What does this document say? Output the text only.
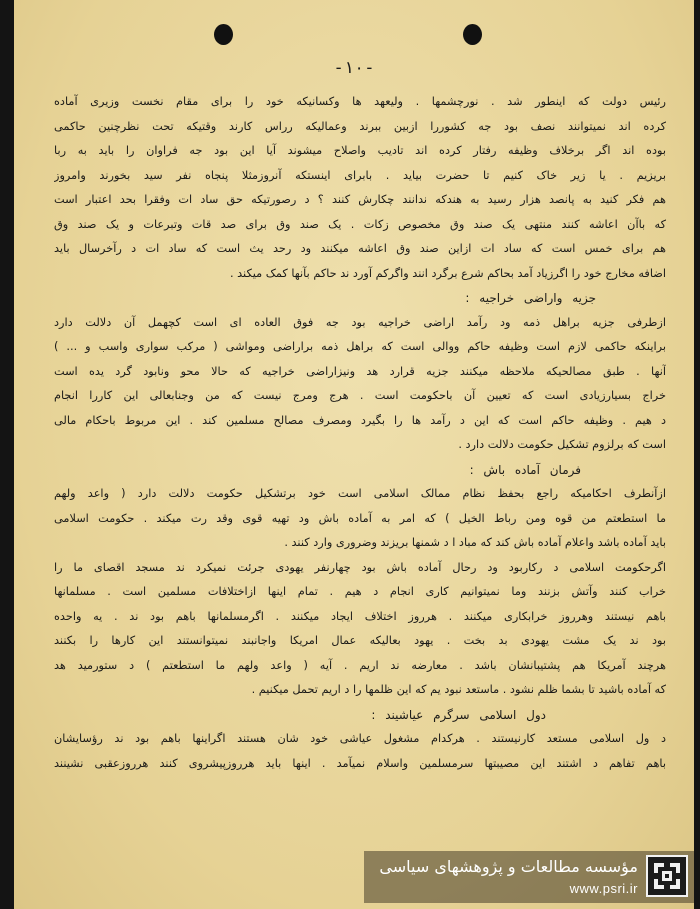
-۱۰-
رئیس دولت که اینطور شد . نورچشمها . ولیعهد ها وکسانیکه خود را برای مقام نخست وزیری آماده
کرده اند نمیتوانند نصف بود جه کشوررا ازبین ببرند وعمالیکه رراس کارند وقتیکه تحت نظرچنین حاکمی
بوده اند اگر برخلاف وظیفه رفتار کرده اند تادیب واصلاح میشوند آیا این بود جه فراوان را باید به ربا
بریزیم . یا زیر خاک کنیم تا حضرت بیاید . بابرای اینستکه آنروزمثلا پنجاه نفر سید بخورند وامروز
هم فکر کنید به پانصد هزار رسید به هندکه ندانند چکارش کنند ؟ د رصورتیکه حق ساد ات وفقرا بحد اعتبار است
که باآن اعاشه کنند منتهی یک صند وق مخصوص زکات . یک صند وق برای صد قات وتبرعات و یک صند وق
هم برای خمس است که ساد ات ازاین صند وق اعاشه میکنند ود رحد یث است که ساد ات د رآخرسال باید
اضافه مخارج خود را اگرزیاد آمد بحاکم شرع برگرد انند واگرکم آورد ند حاکم بآنها کمک میکند .
جزیه واراضی خراجیه :
ازطرفی جزیه براهل ذمه ود رآمد اراضی خراجیه بود جه فوق العاده ای است کچهمل آن دلالت دارد
براینکه حاکمی لازم است وظیفه حاکم ووالی است که براهل ذمه براراضی ومواشی ( مرکب سواری واسب و ... )
آنها . طبق مصالحیکه ملاحظه میکنند جزیه قرارد هد ونیزاراضی خراجیه که حالا محو ونابود گرد یده است
خراج بسیارزیادی است که تعیین آن باحکومت است . هرج ومرج نیست که من وجنابعالی این کاررا انجام
د هیم . وظیفه حاکم است که این د رآمد ها را بگیرد ومصرف مصالح مسلمین کند . این مربوط باحکام مالی
است که برلزوم تشکیل حکومت دلالت دارد .
فرمان آماده باش :
ازآنطرف احکامیکه راجع بحفظ نظام ممالک اسلامی است خود برتشکیل حکومت دلالت دارد ( واعد ولهم
ما استطعتم من قوه ومن رباط الخیل ) که امر به آماده باش ود تهیه قوی وقد رت میکند . حکومت اسلامی
باید آماده باشد واعلام آماده باش کند که مباد ا د شمنها بریزند وضروری وارد کنند .
اگرحکومت اسلامی د رکاربود ود رحال آماده باش بود چهارنفر یهودی جرئت نمیکرد ند مسجد اقصای ما را
خراب کنند وآتش بزنند وما نمیتوانیم کاری انجام د هیم . تمام اینها ازاختلافات مسلمین است . مسلمانها
باهم نیستند وهرروز خرابکاری میکنند . هرروز اختلاف ایجاد میکنند . اگرمسلمانها باهم بود ند . یه واحده
بود ند یک مشت یهودی بد بخت . یهود بعالیکه عمال امریکا واجانبند نمیتوانستند این کارها را بکنند
هرچند آمریکا هم پشتیبانشان باشد . معارضه ند اریم . آیه ( واعد ولهم ما استطعتم ) د ستورمید هد
که آماده باشید تا بشما ظلم نشود . ماستعد نبود یم که این ظلمها را د اریم تحمل میکنیم .
دول اسلامی سرگرم عیاشیند :
د ول اسلامی مستعد کارنیستند . هرکدام مشغول عیاشی خود شان هستند اگراینها باهم بود ند رؤسایشان
باهم تفاهم د اشتند این مصیبتها سرمسلمین واسلام نمیآمد . اینها باید هرروزپیشروی کنند هرروزعقبی نشینند
مؤسسه مطالعات و پژوهشهای سیاسی
www.psri.ir
